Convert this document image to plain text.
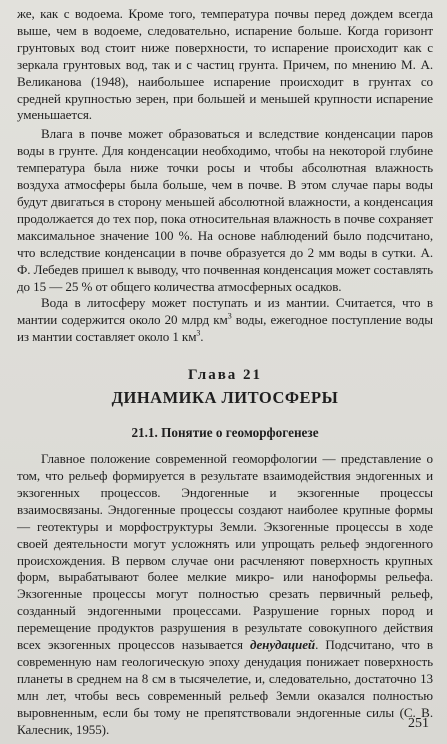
же, как с водоема. Кроме того, температура почвы перед дождем всегда выше, чем в водоеме, следовательно, испарение больше. Когда горизонт грунтовых вод стоит ниже поверхности, то испарение происходит как с зеркала грунтовых вод, так и с частиц грунта. Причем, по мнению М. А. Великанова (1948), наибольшее испарение происходит в грунтах со средней крупностью зерен, при большей и меньшей крупности испарение уменьшается.

Влага в почве может образоваться и вследствие конденсации паров воды в грунте. Для конденсации необходимо, чтобы на некоторой глубине температура была ниже точки росы и чтобы абсолютная влажность воздуха атмосферы была больше, чем в почве. В этом случае пары воды будут двигаться в сторону меньшей абсолютной влажности, а конденсация продолжается до тех пор, пока относительная влажность в почве сохраняет максимальное значение 100 %. На основе наблюдений было подсчитано, что вследствие конденсации в почве образуется до 2 мм воды в сутки. А. Ф. Лебедев пришел к выводу, что почвенная конденсация может составлять до 15 — 25 % от общего количества атмосферных осадков.

Вода в литосферу может поступать и из мантии. Считается, что в мантии содержится около 20 млрд $км^3$ воды, ежегодное поступление воды из мантии составляет около 1 $км^3$.

Глава 21
ДИНАМИКА ЛИТОСФЕРЫ
21.1. Понятие о геоморфогенезе

Главное положение современной геоморфологии — представление о том, что рельеф формируется в результате взаимодействия эндогенных и экзогенных процессов. Эндогенные и экзогенные процессы взаимосвязаны. Эндогенные процессы создают наиболее крупные формы — геотектуры и морфоструктуры Земли. Экзогенные процессы в ходе своей деятельности могут усложнять или упрощать рельеф эндогенного происхождения. В первом случае они расчленяют поверхность крупных форм, вырабатывают более мелкие микро- или нанoформы рельефа. Экзогенные процессы могут полностью срезать первичный рельеф, созданный эндогенными процессами. Разрушение горных пород и перемещение продуктов разрушения в результате совокупного действия всех экзогенных процессов называется денудацией. Подсчитано, что в современную нам геологическую эпоху денудация понижает поверхность планеты в среднем на 8 см в тысячелетие, и, следовательно, достаточно 13 млн лет, чтобы весь современный рельеф Земли оказался полностью выровненным, если бы тому не препятствовали эндогенные силы (С. В. Калесник, 1955).	251
